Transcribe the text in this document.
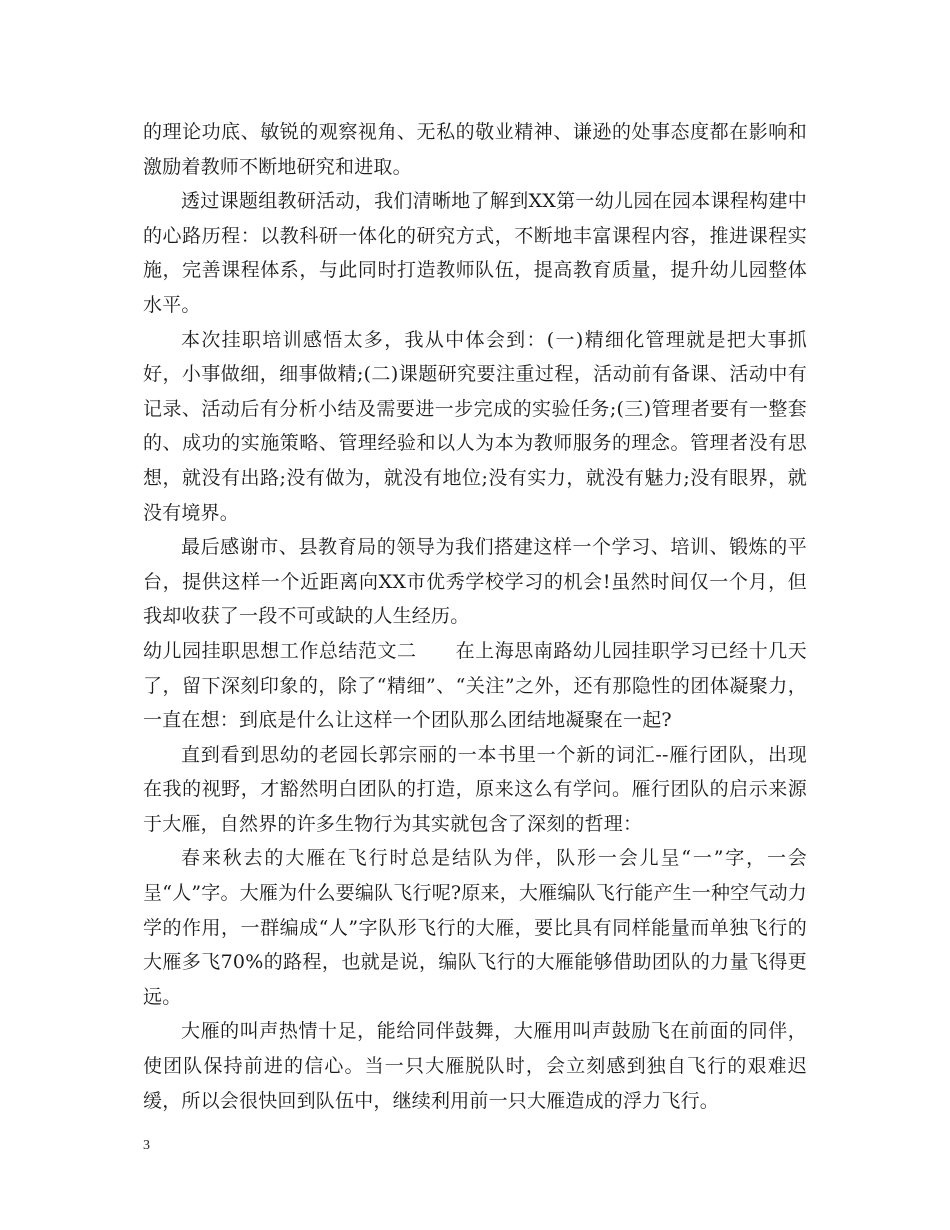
的理论功底、敏锐的观察视角、无私的敬业精神、谦逊的处事态度都在影响和激励着教师不断地研究和进取。

透过课题组教研活动，我们清晰地了解到XX第一幼儿园在园本课程构建中的心路历程：以教科研一体化的研究方式，不断地丰富课程内容，推进课程实施，完善课程体系，与此同时打造教师队伍，提高教育质量，提升幼儿园整体水平。

本次挂职培训感悟太多，我从中体会到：(一)精细化管理就是把大事抓好，小事做细，细事做精;(二)课题研究要注重过程，活动前有备课、活动中有记录、活动后有分析小结及需要进一步完成的实验任务;(三)管理者要有一整套的、成功的实施策略、管理经验和以人为本为教师服务的理念。管理者没有思想，就没有出路;没有做为，就没有地位;没有实力，就没有魅力;没有眼界，就没有境界。

最后感谢市、县教育局的领导为我们搭建这样一个学习、培训、锻炼的平台，提供这样一个近距离向XX市优秀学校学习的机会!虽然时间仅一个月，但我却收获了一段不可或缺的人生经历。

幼儿园挂职思想工作总结范文二　　在上海思南路幼儿园挂职学习已经十几天了，留下深刻印象的，除了“精细”、“关注”之外，还有那隐性的团体凝聚力，一直在想：到底是什么让这样一个团队那么团结地凝聚在一起?

直到看到思幼的老园长郭宗丽的一本书里一个新的词汇--雁行团队，出现在我的视野，才豁然明白团队的打造，原来这么有学问。雁行团队的启示来源于大雁，自然界的许多生物行为其实就包含了深刻的哲理：

春来秋去的大雁在飞行时总是结队为伴，队形一会儿呈“一”字，一会呈“人”字。大雁为什么要编队飞行呢?原来，大雁编队飞行能产生一种空气动力学的作用，一群编成“人”字队形飞行的大雁，要比具有同样能量而单独飞行的大雁多飞70%的路程，也就是说，编队飞行的大雁能够借助团队的力量飞得更远。

大雁的叫声热情十足，能给同伴鼓舞，大雁用叫声鼓励飞在前面的同伴，使团队保持前进的信心。当一只大雁脱队时，会立刻感到独自飞行的艰难迟缓，所以会很快回到队伍中，继续利用前一只大雁造成的浮力飞行。

3
